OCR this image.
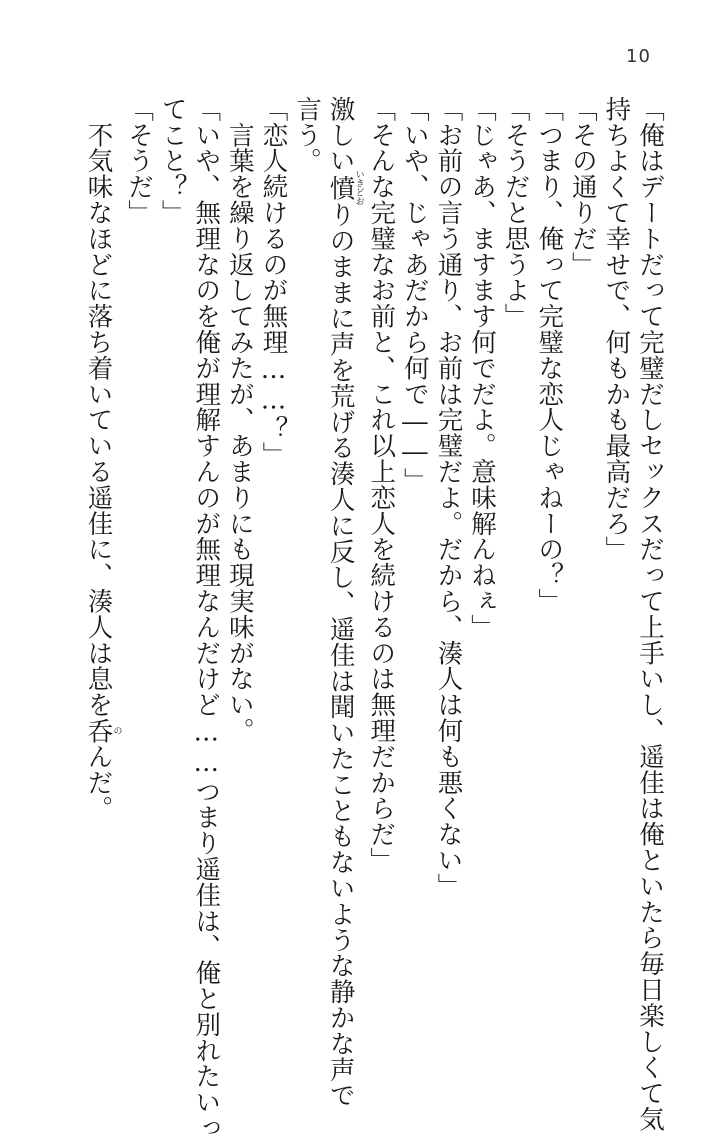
10
「俺はデートだって完璧だしセックスだって上手いし、遥佳は俺といたら毎日楽しくて気
持ちよくて幸せで、何もかも最高だろ」
「その通りだ」
「つまり、俺って完璧な恋人じゃねーの？」
「そうだと思うよ」
「じゃあ、ますます何でだよ。意味解んねぇ」
「お前の言う通り、お前は完璧だよ。だから、湊人は何も悪くない」
「いや、じゃあだから何で――」
「そんな完璧なお前と、これ以上恋人を続けるのは無理だからだ」
激しい憤いきどおりのままに声を荒げる湊人に反し、遥佳は聞いたこともないような静かな声で
言う。
「恋人続けるのが無理……？」
　言葉を繰り返してみたが、あまりにも現実味がない。
「いや、無理なのを俺が理解すんのが無理なんだけど……つまり遥佳は、俺と別れたいっ
てこと？」
「そうだ」
　不気味なほどに落ち着いている遥佳に、湊人は息を呑のんだ。
